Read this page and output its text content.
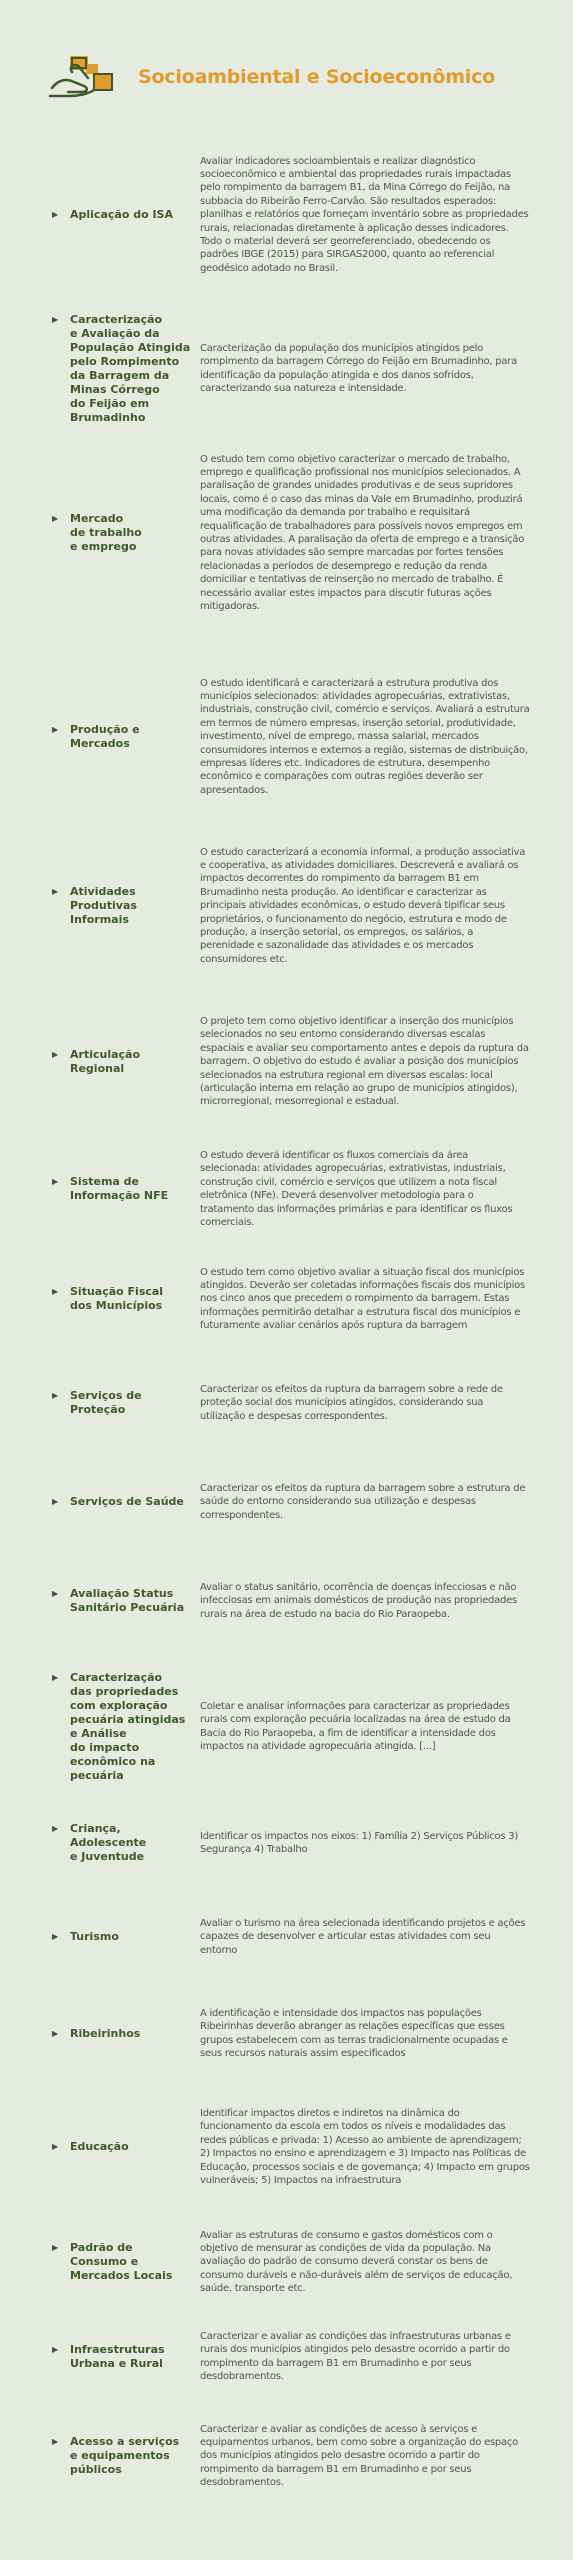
Socioambiental e Socioeconômico
▶	Aplicação do ISA
Avaliar indicadores socioambientais e realizar diagnóstico socioeconômico e ambiental das propriedades rurais impactadas pelo rompimento da barragem B1, da Mina Córrego do Feijão, na subbacia do Ribeirão Ferro-Carvão. São resultados esperados: planilhas e relatórios que forneçam inventário sobre as propriedades rurais, relacionadas diretamente à aplicação desses indicadores. Todo o material deverá ser georreferenciado, obedecendo os padrões IBGE (2015) para SIRGAS2000, quanto ao referencial geodésico adotado no Brasil.
▶	Caracterização
e Avaliação da
População Atingida
pelo Rompimento
da Barragem da
Minas Córrego
do Feijão em
Brumadinho
Caracterização da população dos municípios atingidos pelo rompimento da barragem Córrego do Feijão em Brumadinho, para identificação da população atingida e dos danos sofridos, caracterizando sua natureza e intensidade.
▶	Mercado
de trabalho
e emprego
O estudo tem como objetivo caracterizar o mercado de trabalho, emprego e qualificação profissional nos municípios selecionados. A paralisação de grandes unidades produtivas e de seus supridores locais, como é o caso das minas da Vale em Brumadinho, produzirá uma modificação da demanda por trabalho e requisitará requalificação de trabalhadores para possíveis novos empregos em outras atividades. A paralisação da oferta de emprego e a transição para novas atividades são sempre marcadas por fortes tensões relacionadas a períodos de desemprego e redução da renda domiciliar e tentativas de reinserção no mercado de trabalho. É necessário avaliar estes impactos para discutir futuras ações mitigadoras.
▶	Produção e
Mercados
O estudo identificará e caracterizará a estrutura produtiva dos municípios selecionados: atividades agropecuárias, extrativistas, industriais, construção civil, comércio e serviços. Avaliará a estrutura em termos de número empresas, inserção setorial, produtividade, investimento, nível de emprego, massa salarial, mercados consumidores internos e externos a região, sistemas de distribuição, empresas líderes etc. Indicadores de estrutura, desempenho econômico e comparações com outras regiões deverão ser apresentados.
▶	Atividades
Produtivas
Informais
O estudo caracterizará a economia informal, a produção associativa e cooperativa, as atividades domiciliares. Descreverá e avaliará os impactos decorrentes do rompimento da barragem B1 em Brumadinho nesta produção. Ao identificar e caracterizar as principais atividades econômicas, o estudo deverá tipificar seus proprietários, o funcionamento do negócio, estrutura e modo de produção, a inserção setorial, os empregos, os salários, a perenidade e sazonalidade das atividades e os mercados consumidores etc.
▶	Articulação
Regional
O projeto tem como objetivo identificar a inserção dos municípios selecionados no seu entorno considerando diversas escalas espaciais e avaliar seu comportamento antes e depois da ruptura da barragem. O objetivo do estudo é avaliar a posição dos municípios selecionados na estrutura regional em diversas escalas: local (articulação interna em relação ao grupo de municípios atingidos), microrregional, mesorregional e estadual.
▶	Sistema de
Informação NFE
O estudo deverá identificar os fluxos comerciais da área selecionada: atividades agropecuárias, extrativistas, industriais, construção civil, comércio e serviços que utilizem a nota fiscal eletrônica (NFe). Deverá desenvolver metodologia para o tratamento das informações primárias e para identificar os fluxos comerciais.
▶	Situação Fiscal
dos Municípios
O estudo tem como objetivo avaliar a situação fiscal dos municípios atingidos. Deverão ser coletadas informações fiscais dos municípios nos cinco anos que precedem o rompimento da barragem. Estas informações permitirão detalhar a estrutura fiscal dos municípios e futuramente avaliar cenários após ruptura da barragem
▶	Serviços de
Proteção
Caracterizar os efeitos da ruptura da barragem sobre a rede de proteção social dos municípios atingidos, considerando sua utilização e despesas correspondentes.
▶	Serviços de Saúde
Caracterizar os efeitos da ruptura da barragem sobre a estrutura de saúde do entorno considerando sua utilização e despesas correspondentes.
▶	Avaliação Status
Sanitário Pecuária
Avaliar o status sanitário, ocorrência de doenças infecciosas e não infecciosas em animais domésticos de produção nas propriedades rurais na área de estudo na bacia do Rio Paraopeba.
▶	Caracterização
das propriedades
com exploração
pecuária atingidas
e Análise
do impacto
econômico na
pecuária
Coletar e analisar informações para caracterizar as propriedades rurais com exploração pecuária localizadas na área de estudo da Bacia do Rio Paraopeba, a fim de identificar a intensidade dos impactos na atividade agropecuária atingida. [...]
▶	Criança,
Adolescente
e Juventude
Identificar os impactos nos eixos: 1) Família 2) Serviços Públicos 3) Segurança 4) Trabalho
▶	Turismo
Avaliar o turismo na área selecionada identificando projetos e ações capazes de desenvolver e articular estas atividades com seu entorno
▶	Ribeirinhos
A identificação e intensidade dos impactos nas populações Ribeirinhas deverão abranger as relações específicas que esses grupos estabelecem com as terras tradicionalmente ocupadas e seus recursos naturais assim especificados
▶	Educação
Identificar impactos diretos e indiretos na dinâmica do funcionamento da escola em todos os níveis e modalidades das redes públicas e privada: 1) Acesso ao ambiente de aprendizagem; 2) Impactos no ensino e aprendizagem e 3) Impacto nas Políticas de Educação, processos sociais e de governança; 4) Impacto em grupos vulneráveis; 5) Impactos na infraestrutura
▶	Padrão de
Consumo e
Mercados Locais
Avaliar as estruturas de consumo e gastos domésticos com o objetivo de mensurar as condições de vida da população. Na avaliação do padrão de consumo deverá constar os bens de consumo duráveis e não-duráveis além de serviços de educação, saúde, transporte etc.
▶	Infraestruturas
Urbana e Rural
Caracterizar e avaliar as condições das infraestruturas urbanas e rurais dos municípios atingidos pelo desastre ocorrido a partir do rompimento da barragem B1 em Brumadinho e por seus desdobramentos.
▶	Acesso a serviços
e equipamentos
públicos
Caracterizar e avaliar as condições de acesso à serviços e equipamentos urbanos, bem como sobre a organização do espaço dos municípios atingidos pelo desastre ocorrido a partir do rompimento da barragem B1 em Brumadinho e por seus desdobramentos.
